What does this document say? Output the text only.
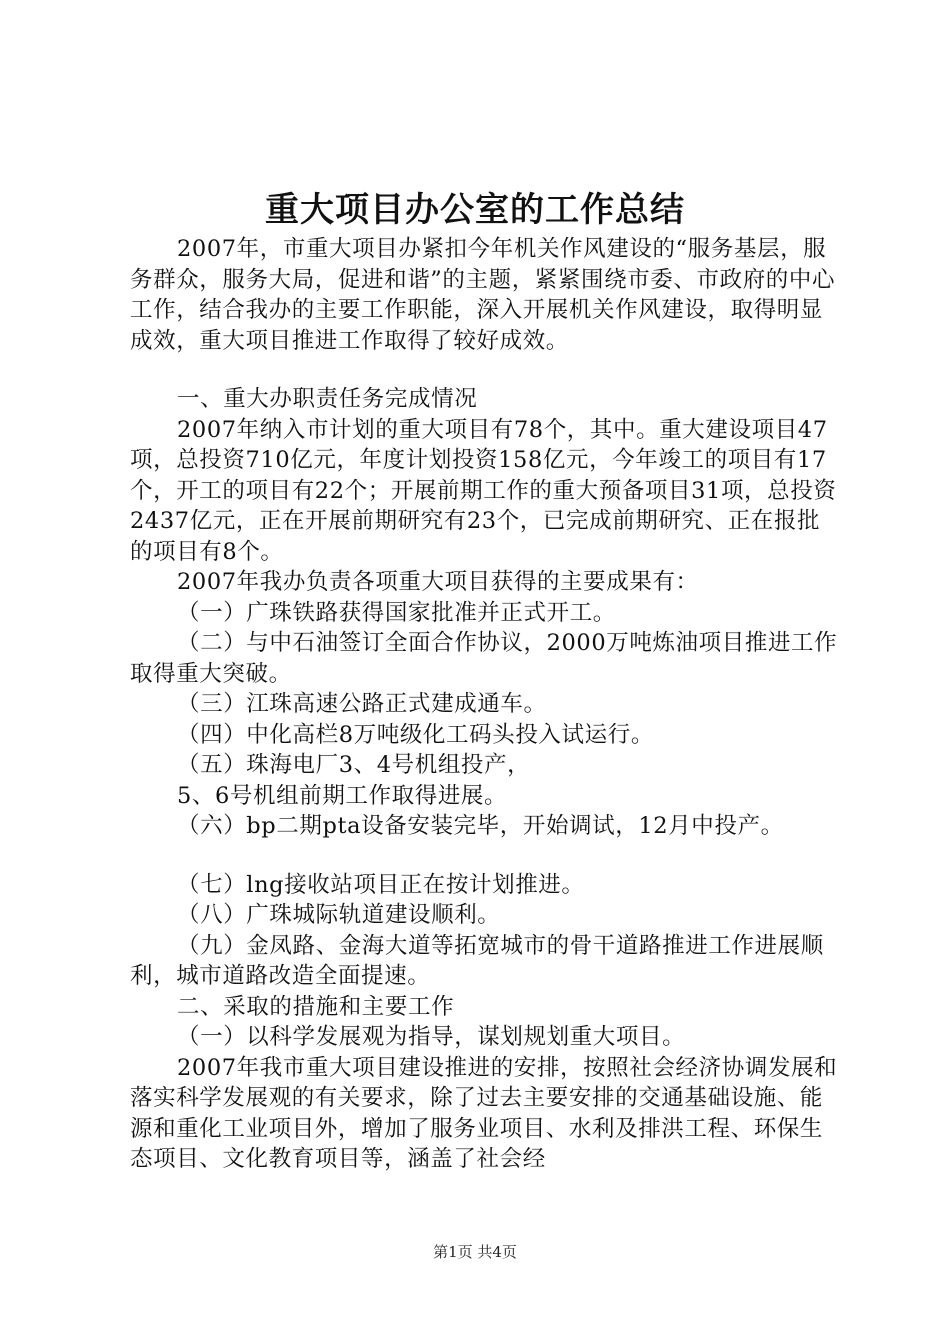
重大项目办公室的工作总结

2007年，市重大项目办紧扣今年机关作风建设的“服务基层，服务群众，服务大局，促进和谐”的主题，紧紧围绕市委、市政府的中心工作，结合我办的主要工作职能，深入开展机关作风建设，取得明显成效，重大项目推进工作取得了较好成效。

一、重大办职责任务完成情况

2007年纳入市计划的重大项目有78个，其中。重大建设项目47项，总投资710亿元，年度计划投资158亿元，今年竣工的项目有17个，开工的项目有22个；开展前期工作的重大预备项目31项，总投资2437亿元，正在开展前期研究有23个，已完成前期研究、正在报批的项目有8个。

2007年我办负责各项重大项目获得的主要成果有：

（一）广珠铁路获得国家批准并正式开工。

（二）与中石油签订全面合作协议，2000万吨炼油项目推进工作取得重大突破。

（三）江珠高速公路正式建成通车。

（四）中化高栏8万吨级化工码头投入试运行。

（五）珠海电厂3、4号机组投产，

5、6号机组前期工作取得进展。

（六）bp二期pta设备安装完毕，开始调试，12月中投产。

（七）lng接收站项目正在按计划推进。

（八）广珠城际轨道建设顺利。

（九）金凤路、金海大道等拓宽城市的骨干道路推进工作进展顺利，城市道路改造全面提速。

二、采取的措施和主要工作

（一）以科学发展观为指导，谋划规划重大项目。

2007年我市重大项目建设推进的安排，按照社会经济协调发展和落实科学发展观的有关要求，除了过去主要安排的交通基础设施、能源和重化工业项目外，增加了服务业项目、水利及排洪工程、环保生态项目、文化教育项目等，涵盖了社会经

第1页 共4页
